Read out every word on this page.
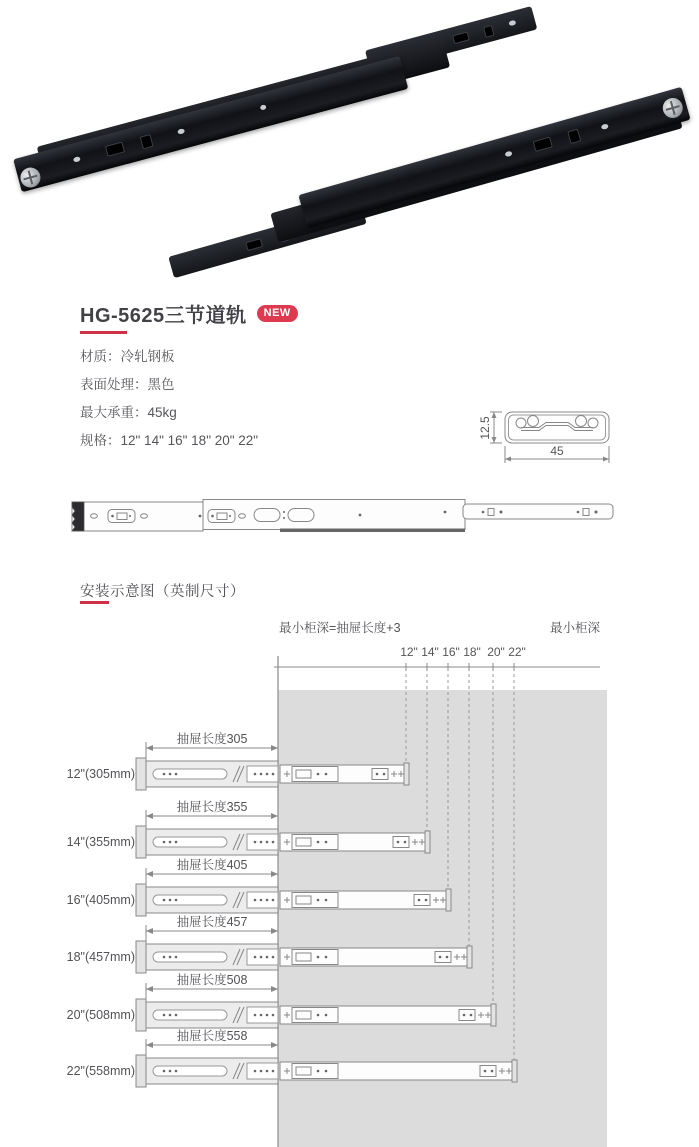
HG-5625三节道轨	NEW
材质：冷轧钢板
表面处理：黑色
最大承重：45kg
规格：12" 14" 16" 18" 20" 22"
12.5
45
安装示意图（英制尺寸）
最小柜深=抽屉长度+3	最小柜深
12" 14" 16" 18" 20" 22"
12"(305mm)
抽屉长度305
14"(355mm)
抽屉长度355
16"(405mm)
抽屉长度405
18"(457mm)
抽屉长度457
20"(508mm)
抽屉长度508
22"(558mm)
抽屉长度558
